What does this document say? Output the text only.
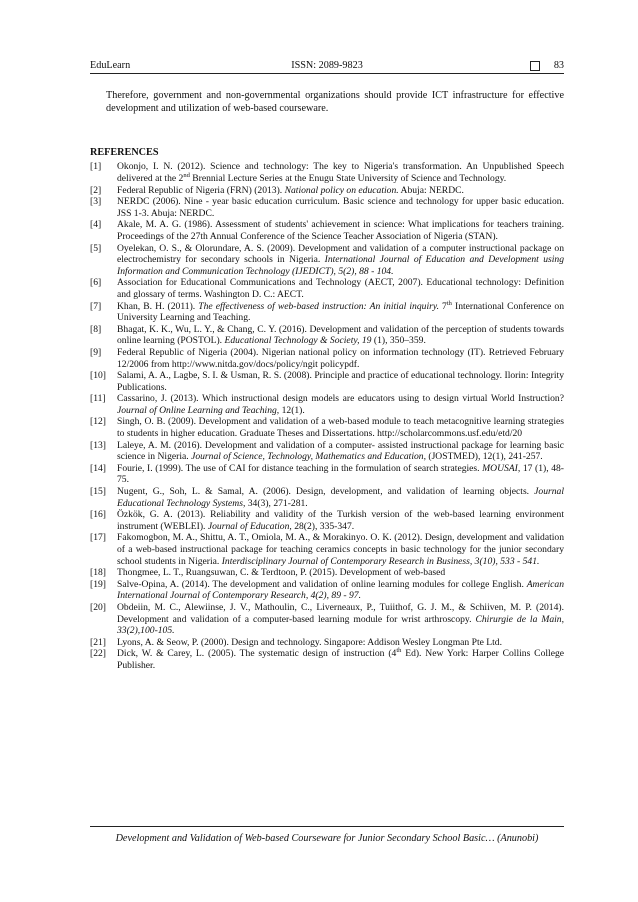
EduLearn	ISSN: 2089-9823	83

Therefore, government and non-governmental organizations should provide ICT infrastructure for effective development and utilization of web-based courseware.

REFERENCES
[1]	Okonjo, I. N. (2012). Science and technology: The key to Nigeria's transformation. An Unpublished Speech delivered at the 2nd Brennial Lecture Series at the Enugu State University of Science and Technology.
[2]	Federal Republic of Nigeria (FRN) (2013). National policy on education. Abuja: NERDC.
[3]	NERDC (2006). Nine - year basic education curriculum. Basic science and technology for upper basic education. JSS 1-3. Abuja: NERDC.
[4]	Akale, M. A. G. (1986). Assessment of students' achievement in science: What implications for teachers training. Proceedings of the 27th Annual Conference of the Science Teacher Association of Nigeria (STAN).
[5]	Oyelekan, O. S., & Olorundare, A. S. (2009). Development and validation of a computer instructional package on electrochemistry for secondary schools in Nigeria. International Journal of Education and Development using Information and Communication Technology (IJEDICT), 5(2), 88 - 104.
[6]	Association for Educational Communications and Technology (AECT, 2007). Educational technology: Definition and glossary of terms. Washington D. C.: AECT.
[7]	Khan, B. H. (2011). The effectiveness of web-based instruction: An initial inquiry. 7th International Conference on University Learning and Teaching.
[8]	Bhagat, K. K., Wu, L. Y., & Chang, C. Y. (2016). Development and validation of the perception of students towards online learning (POSTOL). Educational Technology & Society, 19 (1), 350–359.
[9]	Federal Republic of Nigeria (2004). Nigerian national policy on information technology (IT). Retrieved February 12/2006 from http://www.nitda.gov/docs/policy/ngit policypdf.
[10]	Salami, A. A., Lagbe, S. I. & Usman, R. S. (2008). Principle and practice of educational technology. Ilorin: Integrity Publications.
[11]	Cassarino, J. (2013). Which instructional design models are educators using to design virtual World Instruction? Journal of Online Learning and Teaching, 12(1).
[12]	Singh, O. B. (2009). Development and validation of a web-based module to teach metacognitive learning strategies to students in higher education. Graduate Theses and Dissertations. http://scholarcommons.usf.edu/etd/20
[13]	Laleye, A. M. (2016). Development and validation of a computer- assisted instructional package for learning basic science in Nigeria. Journal of Science, Technology, Mathematics and Education, (JOSTMED), 12(1), 241-257.
[14]	Fourie, I. (1999). The use of CAI for distance teaching in the formulation of search strategies. MOUSAI, 17 (1), 48-75.
[15]	Nugent, G., Soh, L. & Samal, A. (2006). Design, development, and validation of learning objects. Journal Educational Technology Systems, 34(3), 271-281.
[16]	Özkök, G. A. (2013). Reliability and validity of the Turkish version of the web-based learning environment instrument (WEBLEI). Journal of Education, 28(2), 335-347.
[17]	Fakomogbon, M. A., Shittu, A. T., Omiola, M. A., & Morakinyo. O. K. (2012). Design, development and validation of a web-based instructional package for teaching ceramics concepts in basic technology for the junior secondary school students in Nigeria. Interdisciplinary Journal of Contemporary Research in Business, 3(10), 533 - 541.
[18]	Thongmee, L. T., Ruangsuwan, C. & Terdtoon, P. (2015). Development of web-based
[19]	Salve-Opina, A. (2014). The development and validation of online learning modules for college English. American International Journal of Contemporary Research, 4(2), 89 - 97.
[20]	Obdeiin, M. C., Alewiinse, J. V., Mathoulin, C., Liverneaux, P., Tuiithof, G. J. M., & Schiiven, M. P. (2014). Development and validation of a computer-based learning module for wrist arthroscopy. Chirurgie de la Main, 33(2),100-105.
[21]	Lyons, A. & Seow, P. (2000). Design and technology. Singapore: Addison Wesley Longman Pte Ltd.
[22]	Dick, W. & Carey, L. (2005). The systematic design of instruction (4th Ed). New York: Harper Collins College Publisher.
Development and Validation of Web-based Courseware for Junior Secondary School Basic… (Anunobi)
